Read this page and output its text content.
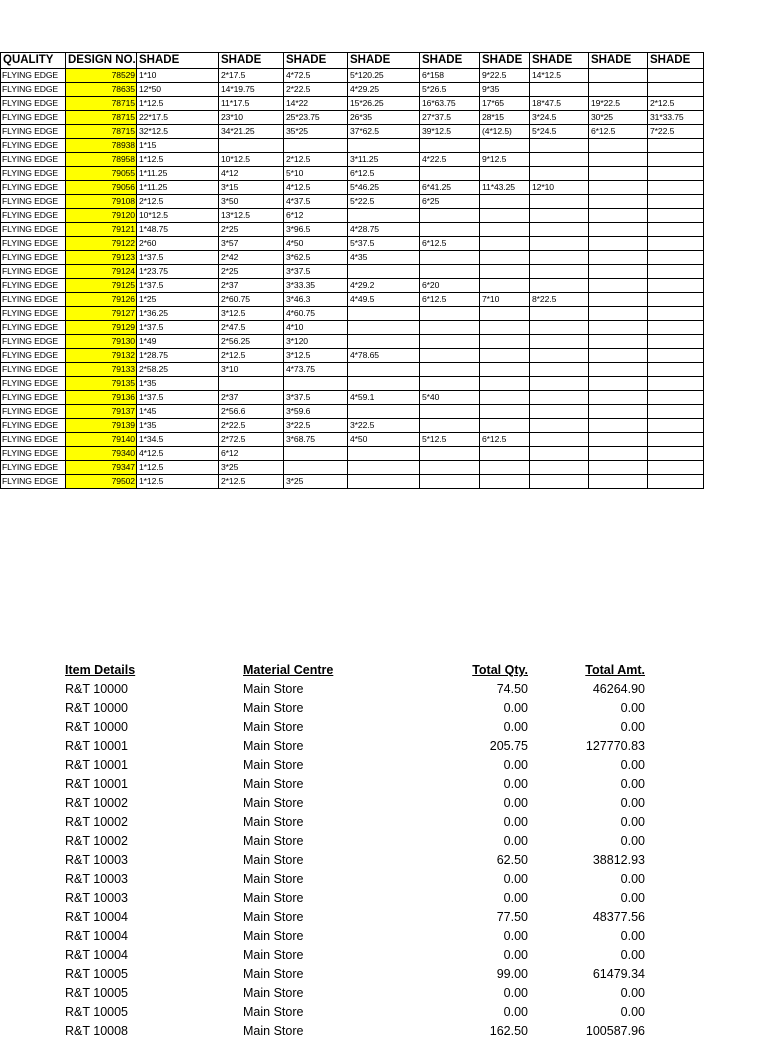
QUALITY	DESIGN NO.	SHADE	SHADE	SHADE	SHADE	SHADE	SHADE	SHADE	SHADE	SHADE
FLYING EDGE	78529	1*10	2*17.5	4*72.5	5*120.25	6*158	9*22.5	14*12.5		
FLYING EDGE	78635	12*50	14*19.75	2*22.5	4*29.25	5*26.5	9*35			
FLYING EDGE	78715	1*12.5	11*17.5	14*22	15*26.25	16*63.75	17*65	18*47.5	19*22.5	2*12.5
FLYING EDGE	78715	22*17.5	23*10	25*23.75	26*35	27*37.5	28*15	3*24.5	30*25	31*33.75
FLYING EDGE	78715	32*12.5	34*21.25	35*25	37*62.5	39*12.5	(4*12.5)	5*24.5	6*12.5	7*22.5
FLYING EDGE	78938	1*15								
FLYING EDGE	78958	1*12.5	10*12.5	2*12.5	3*11.25	4*22.5	9*12.5			
FLYING EDGE	79055	1*11.25	4*12	5*10	6*12.5					
FLYING EDGE	79056	1*11.25	3*15	4*12.5	5*46.25	6*41.25	11*43.25	12*10		
FLYING EDGE	79108	2*12.5	3*50	4*37.5	5*22.5	6*25				
FLYING EDGE	79120	10*12.5	13*12.5	6*12						
FLYING EDGE	79121	1*48.75	2*25	3*96.5	4*28.75					
FLYING EDGE	79122	2*60	3*57	4*50	5*37.5	6*12.5				
FLYING EDGE	79123	1*37.5	2*42	3*62.5	4*35					
FLYING EDGE	79124	1*23.75	2*25	3*37.5						
FLYING EDGE	79125	1*37.5	2*37	3*33.35	4*29.2	6*20				
FLYING EDGE	79126	1*25	2*60.75	3*46.3	4*49.5	6*12.5	7*10	8*22.5		
FLYING EDGE	79127	1*36.25	3*12.5	4*60.75						
FLYING EDGE	79129	1*37.5	2*47.5	4*10						
FLYING EDGE	79130	1*49	2*56.25	3*120						
FLYING EDGE	79132	1*28.75	2*12.5	3*12.5	4*78.65					
FLYING EDGE	79133	2*58.25	3*10	4*73.75						
FLYING EDGE	79135	1*35								
FLYING EDGE	79136	1*37.5	2*37	3*37.5	4*59.1	5*40				
FLYING EDGE	79137	1*45	2*56.6	3*59.6						
FLYING EDGE	79139	1*35	2*22.5	3*22.5	3*22.5					
FLYING EDGE	79140	1*34.5	2*72.5	3*68.75	4*50	5*12.5	6*12.5			
FLYING EDGE	79340	4*12.5	6*12							
FLYING EDGE	79347	1*12.5	3*25							
FLYING EDGE	79502	1*12.5	2*12.5	3*25						
Item Details	Material Centre	Total Qty.	Total Amt.
R&T 10000	Main Store	74.50	46264.90
R&T 10000	Main Store	0.00	0.00
R&T 10000	Main Store	0.00	0.00
R&T 10001	Main Store	205.75	127770.83
R&T 10001	Main Store	0.00	0.00
R&T 10001	Main Store	0.00	0.00
R&T 10002	Main Store	0.00	0.00
R&T 10002	Main Store	0.00	0.00
R&T 10002	Main Store	0.00	0.00
R&T 10003	Main Store	62.50	38812.93
R&T 10003	Main Store	0.00	0.00
R&T 10003	Main Store	0.00	0.00
R&T 10004	Main Store	77.50	48377.56
R&T 10004	Main Store	0.00	0.00
R&T 10004	Main Store	0.00	0.00
R&T 10005	Main Store	99.00	61479.34
R&T 10005	Main Store	0.00	0.00
R&T 10005	Main Store	0.00	0.00
R&T 10008	Main Store	162.50	100587.96
